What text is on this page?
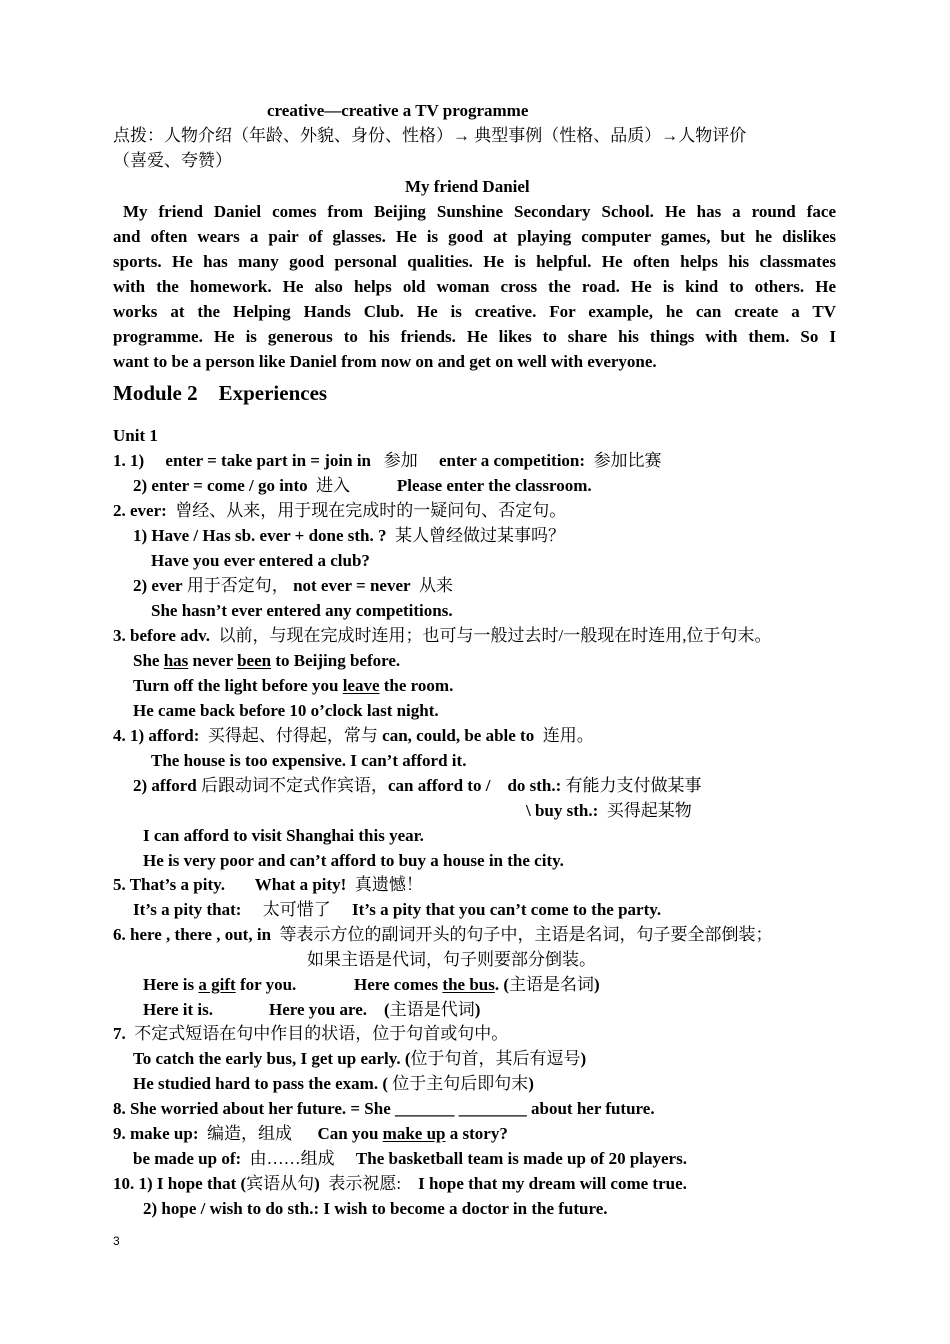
creative—creative a TV programme
点拨：人物介绍（年龄、外貌、身份、性格）→ 典型事例（性格、品质）→人物评价
（喜爱、夸赞）
My friend Daniel
My friend Daniel comes from Beijing Sunshine Secondary School. He has a round face
and often wears a pair of glasses. He is good at playing computer games, but he dislikes
sports. He has many good personal qualities. He is helpful. He often helps his classmates
with the homework. He also helps old woman cross the road. He is kind to others. He
works at the Helping Hands Club. He is creative. For example, he can create a TV
programme. He is generous to his friends. He likes to share his things with them. So I
want to be a person like Daniel from now on and get on well with everyone.
Module 2    Experiences
Unit 1
1. 1) enter = take part in = join in 参加 enter a competition: 参加比赛
2) enter = come / go into 进入	Please enter the classroom.
2. ever: 曾经、从来，用于现在完成时的一疑问句、否定句。
1) Have / Has sb. ever + done sth. ? 某人曾经做过某事吗？
Have you ever entered a club?
2) ever 用于否定句， not ever = never 从来
She hasn’t ever entered any competitions.
3. before adv. 以前，与现在完成时连用；也可与一般过去时/一般现在时连用,位于句末。
She has never been to Beijing before.
Turn off the light before you leave the room.
He came back before 10 o’clock last night.
4. 1) afford: 买得起、付得起，常与 can, could, be able to 连用。
The house is too expensive. I can’t afford it.
2) afford 后跟动词不定式作宾语，can afford to /    do sth.: 有能力支付做某事
\ buy sth.: 买得起某物
I can afford to visit Shanghai this year.
He is very poor and can’t afford to buy a house in the city.
5. That’s a pity. What a pity! 真遗憾！
It’s a pity that: 太可惜了 It’s a pity that you can’t come to the party.
6. here , there , out, in 等表示方位的副词开头的句子中，主语是名词，句子要全部倒装；
如果主语是代词，句子则要部分倒装。
Here is a gift for you.	Here comes the bus. (主语是名词)
Here it is.	Here you are. (主语是代词)
7. 不定式短语在句中作目的状语，位于句首或句中。
To catch the early bus, I get up early. (位于句首，其后有逗号)
He studied hard to pass the exam. ( 位于主句后即句末)
8. She worried about her future. = She _______ ________ about her future.
9. make up: 编造，组成 Can you make up a story?
be made up of: 由……组成 The basketball team is made up of 20 players.
10. 1) I hope that (宾语从句) 表示祝愿: I hope that my dream will come true.
2) hope / wish to do sth.: I wish to become a doctor in the future.
3
